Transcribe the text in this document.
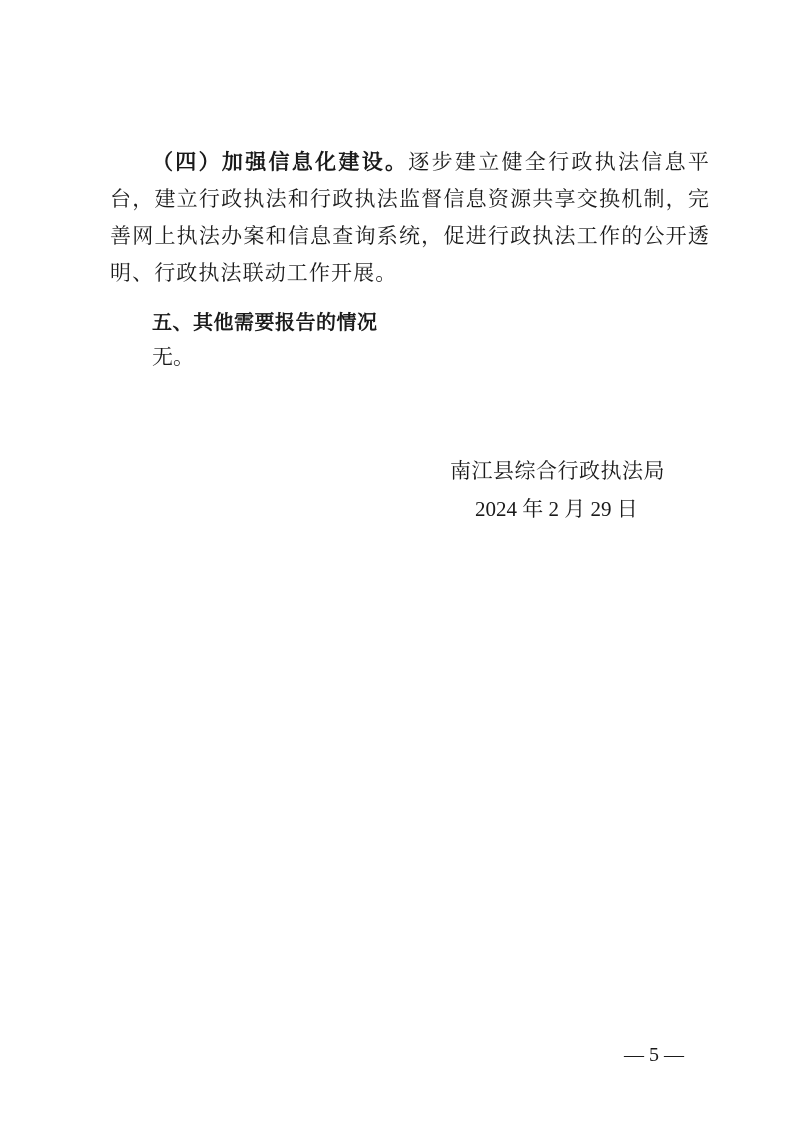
（四）加强信息化建设。逐步建立健全行政执法信息平台，建立行政执法和行政执法监督信息资源共享交换机制，完善网上执法办案和信息查询系统，促进行政执法工作的公开透明、行政执法联动工作开展。

五、其他需要报告的情况

无。

南江县综合行政执法局

2024 年 2 月 29 日

— 5 —
